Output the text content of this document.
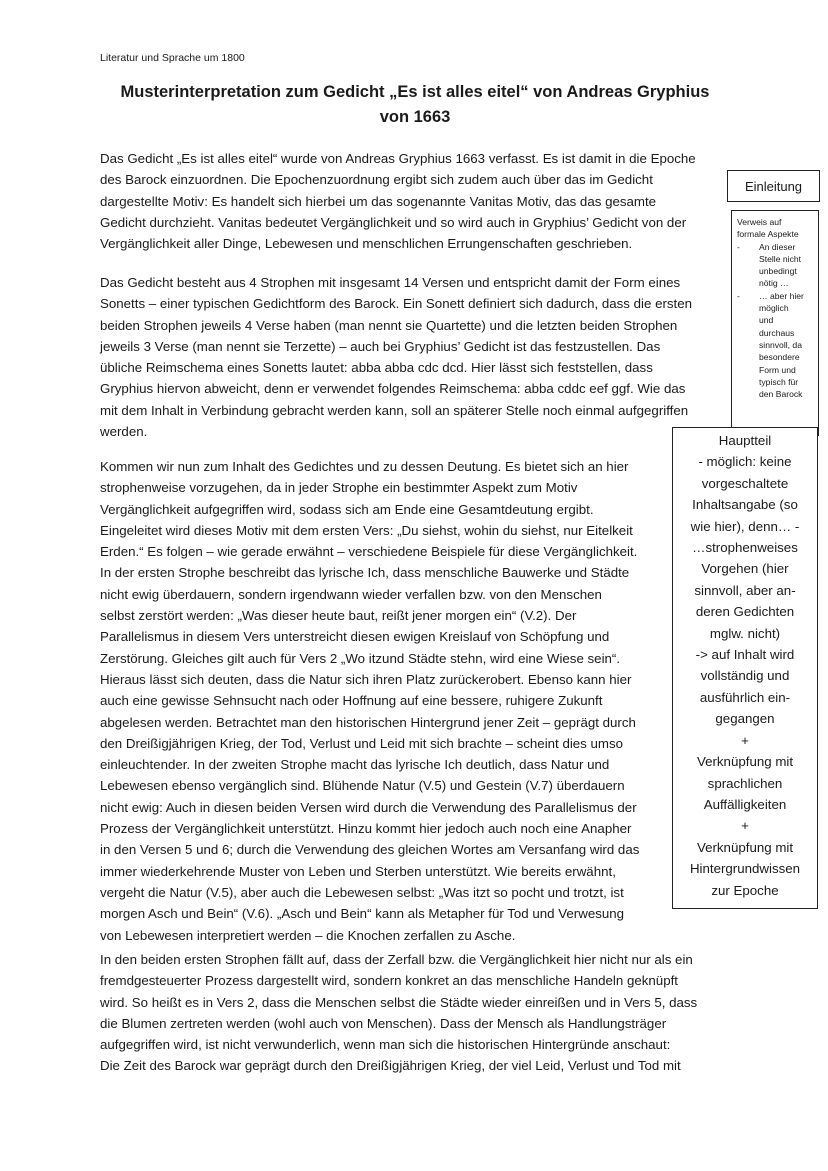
Literatur und Sprache um 1800
Musterinterpretation zum Gedicht „Es ist alles eitel“ von Andreas Gryphius
von 1663
Das Gedicht „Es ist alles eitel“ wurde von Andreas Gryphius 1663 verfasst. Es ist damit in die Epoche
des Barock einzuordnen. Die Epochenzuordnung ergibt sich zudem auch über das im Gedicht
dargestellte Motiv: Es handelt sich hierbei um das sogenannte Vanitas Motiv, das das gesamte
Gedicht durchzieht. Vanitas bedeutet Vergänglichkeit und so wird auch in Gryphius’ Gedicht von der
Vergänglichkeit aller Dinge, Lebewesen und menschlichen Errungenschaften geschrieben.
Das Gedicht besteht aus 4 Strophen mit insgesamt 14 Versen und entspricht damit der Form eines
Sonetts – einer typischen Gedichtform des Barock. Ein Sonett definiert sich dadurch, dass die ersten
beiden Strophen jeweils 4 Verse haben (man nennt sie Quartette) und die letzten beiden Strophen
jeweils 3 Verse (man nennt sie Terzette) – auch bei Gryphius’ Gedicht ist das festzustellen. Das
übliche Reimschema eines Sonetts lautet: abba abba cdc dcd. Hier lässt sich feststellen, dass
Gryphius hiervon abweicht, denn er verwendet folgendes Reimschema: abba cddc eef ggf. Wie das
mit dem Inhalt in Verbindung gebracht werden kann, soll an späterer Stelle noch einmal aufgegriffen
werden.
Kommen wir nun zum Inhalt des Gedichtes und zu dessen Deutung. Es bietet sich an hier
strophenweise vorzugehen, da in jeder Strophe ein bestimmter Aspekt zum Motiv
Vergänglichkeit aufgegriffen wird, sodass sich am Ende eine Gesamtdeutung ergibt.
Eingeleitet wird dieses Motiv mit dem ersten Vers: „Du siehst, wohin du siehst, nur Eitelkeit
Erden.“ Es folgen – wie gerade erwähnt – verschiedene Beispiele für diese Vergänglichkeit.
In der ersten Strophe beschreibt das lyrische Ich, dass menschliche Bauwerke und Städte
nicht ewig überdauern, sondern irgendwann wieder verfallen bzw. von den Menschen
selbst zerstört werden: „Was dieser heute baut, reißt jener morgen ein“ (V.2). Der
Parallelismus in diesem Vers unterstreicht diesen ewigen Kreislauf von Schöpfung und
Zerstörung. Gleiches gilt auch für Vers 2 „Wo itzund Städte stehn, wird eine Wiese sein“.
Hieraus lässt sich deuten, dass die Natur sich ihren Platz zurückerobert. Ebenso kann hier
auch eine gewisse Sehnsucht nach oder Hoffnung auf eine bessere, ruhigere Zukunft
abgelesen werden. Betrachtet man den historischen Hintergrund jener Zeit – geprägt durch
den Dreißigjährigen Krieg, der Tod, Verlust und Leid mit sich brachte – scheint dies umso
einleuchtender. In der zweiten Strophe macht das lyrische Ich deutlich, dass Natur und
Lebewesen ebenso vergänglich sind. Blühende Natur (V.5) und Gestein (V.7) überdauern
nicht ewig: Auch in diesen beiden Versen wird durch die Verwendung des Parallelismus der
Prozess der Vergänglichkeit unterstützt. Hinzu kommt hier jedoch auch noch eine Anapher
in den Versen 5 und 6; durch die Verwendung des gleichen Wortes am Versanfang wird das
immer wiederkehrende Muster von Leben und Sterben unterstützt. Wie bereits erwähnt,
vergeht die Natur (V.5), aber auch die Lebewesen selbst: „Was itzt so pocht und trotzt, ist
morgen Asch und Bein“ (V.6). „Asch und Bein“ kann als Metapher für Tod und Verwesung
von Lebewesen interpretiert werden – die Knochen zerfallen zu Asche.
In den beiden ersten Strophen fällt auf, dass der Zerfall bzw. die Vergänglichkeit hier nicht nur als ein
fremdgesteuerter Prozess dargestellt wird, sondern konkret an das menschliche Handeln geknüpft
wird. So heißt es in Vers 2, dass die Menschen selbst die Städte wieder einreißen und in Vers 5, dass
die Blumen zertreten werden (wohl auch von Menschen). Dass der Mensch als Handlungsträger
aufgegriffen wird, ist nicht verwunderlich, wenn man sich die historischen Hintergründe anschaut:
Die Zeit des Barock war geprägt durch den Dreißigjährigen Krieg, der viel Leid, Verlust und Tod mit
Einleitung
Verweis auf
formale Aspekte
-	An dieser
Stelle nicht
unbedingt
nötig …
-	… aber hier
möglich
und
durchaus
sinnvoll, da
besondere
Form und
typisch für
den Barock
Hauptteil
- möglich: keine
vorgeschaltete
Inhaltsangabe (so
wie hier), denn… -
…strophenweises
Vorgehen (hier
sinnvoll, aber an-
deren Gedichten
mglw. nicht)
-> auf Inhalt wird
vollständig und
ausführlich ein-
gegangen
+
Verknüpfung mit
sprachlichen
Auffälligkeiten
+
Verknüpfung mit
Hintergrundwissen
zur Epoche
